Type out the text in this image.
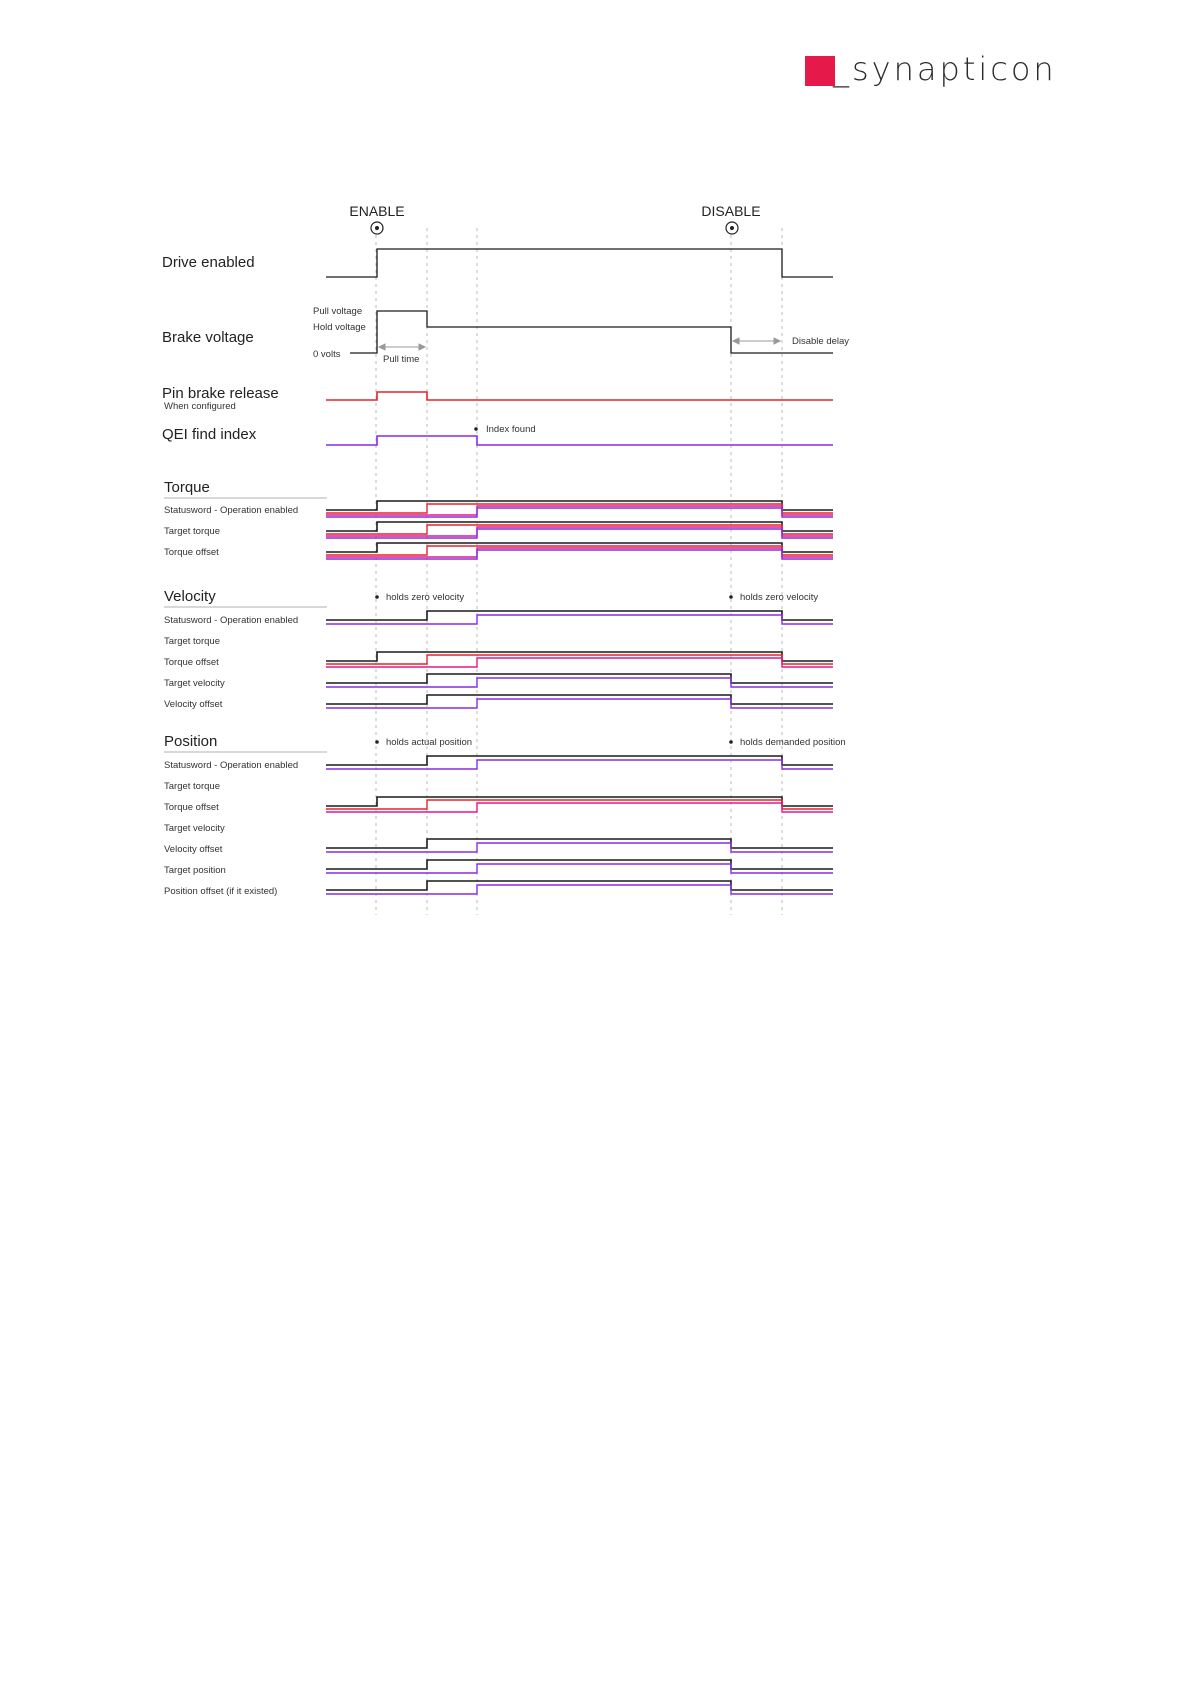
_synapticon
ENABLE	DISABLE
Drive enabled
Brake voltage
Pull voltage
Hold voltage
0 volts	Pull time
Disable delay
Pin brake release
When configured
QEI find index	Index found
Torque
Statusword - Operation enabled
Target torque
Torque offset
Velocity	holds zero velocity	holds zero velocity
Statusword - Operation enabled
Target torque
Torque offset
Target velocity
Velocity offset
Position	holds actual position	holds demanded position
Statusword - Operation enabled
Target torque
Torque offset
Target velocity
Velocity offset
Target position
Position offset (if it existed)
